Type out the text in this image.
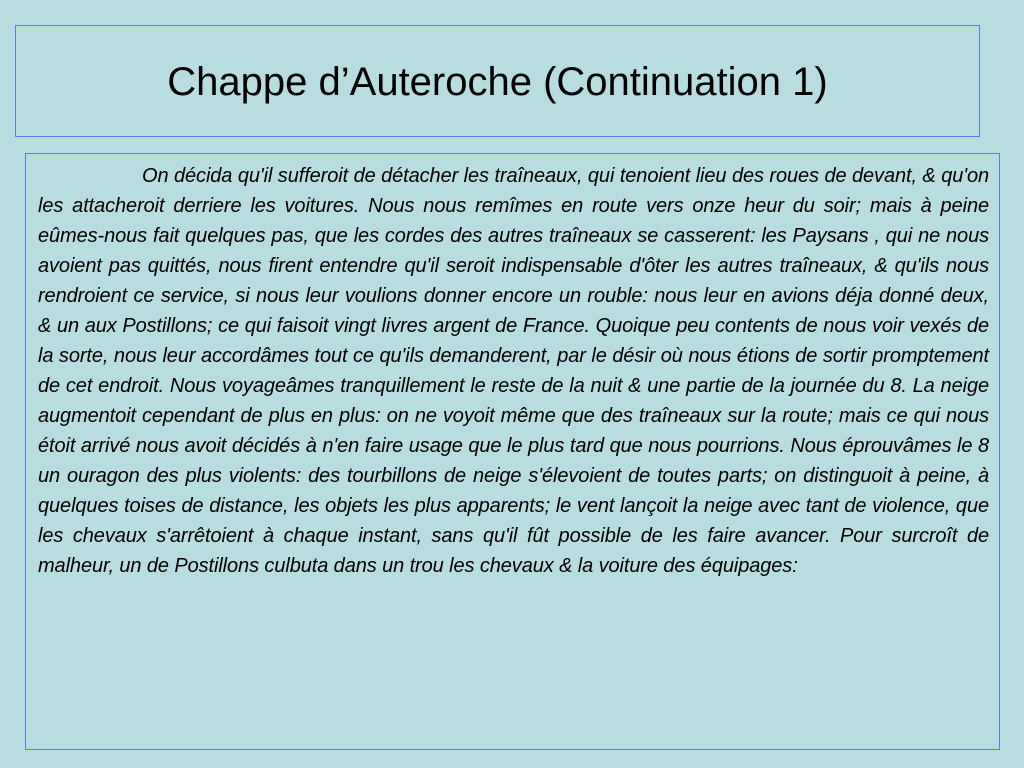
Chappe d’Auteroche (Continuation 1)

On décida qu'il sufferoit de détacher les traîneaux, qui tenoient lieu des roues de devant, & qu'on les attacheroit derriere les voitures. Nous nous remîmes en route vers onze heur du soir; mais à peine eûmes-nous fait quelques pas, que les cordes des autres traîneaux se casserent: les Paysans , qui ne nous avoient pas quittés, nous firent entendre qu'il seroit indispensable d'ôter les autres traîneaux, & qu'ils nous rendroient ce service, si nous leur voulions donner encore un rouble: nous leur en avions déja donné deux, & un aux Postillons; ce qui faisoit vingt livres argent de France. Quoique peu contents de nous voir vexés de la sorte, nous leur accordâmes tout ce qu'ils demanderent, par le désir où nous étions de sortir promptement de cet endroit. Nous voyageâmes tranquillement le reste de la nuit & une partie de la journée du 8. La neige augmentoit cependant de plus en plus: on ne voyoit même que des traîneaux sur la route; mais ce qui nous étoit arrivé nous avoit décidés à n'en faire usage que le plus tard que nous pourrions. Nous éprouvâmes le 8 un ouragon des plus violents: des tourbillons de neige s'élevoient de toutes parts; on distinguoit à peine, à quelques toises de distance, les objets les plus apparents; le vent lançoit la neige avec tant de violence, que les chevaux s'arrêtoient à chaque instant, sans qu'il fût possible de les faire avancer. Pour surcroît de malheur, un de Postillons culbuta dans un trou les chevaux & la voiture des équipages:
